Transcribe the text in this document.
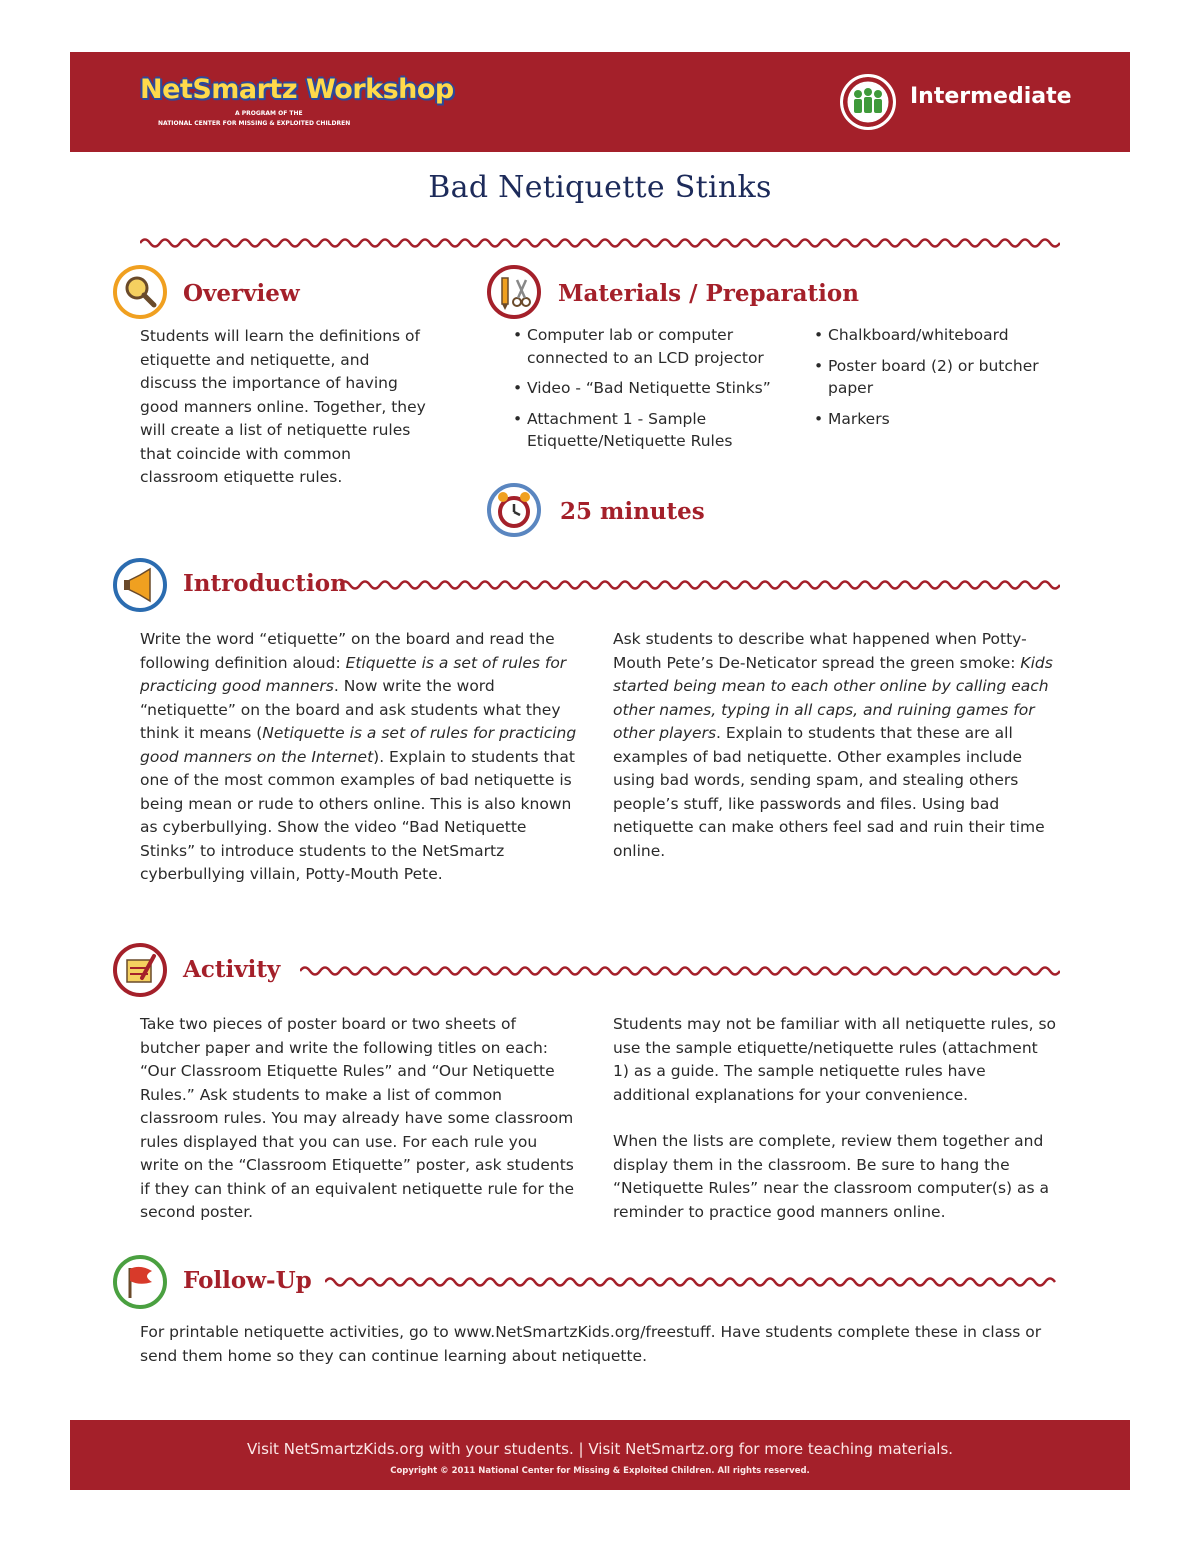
NetSmartz Workshop
A PROGRAM OF THE
NATIONAL CENTER FOR MISSING & EXPLOITED CHILDREN
Intermediate
Bad Netiquette Stinks
Overview
Students will learn the definitions of etiquette and netiquette, and discuss the importance of having good manners online. Together, they will create a list of netiquette rules that coincide with common classroom etiquette rules.
Materials / Preparation
• Computer lab or computer connected to an LCD projector
• Video - “Bad Netiquette Stinks”
• Attachment 1 - Sample Etiquette/Netiquette Rules
• Chalkboard/whiteboard
• Poster board (2) or butcher paper
• Markers
25 minutes
Introduction
Write the word “etiquette” on the board and read the following definition aloud: Etiquette is a set of rules for practicing good manners. Now write the word “netiquette” on the board and ask students what they think it means (Netiquette is a set of rules for practicing good manners on the Internet). Explain to students that one of the most common examples of bad netiquette is being mean or rude to others online. This is also known as cyberbullying. Show the video “Bad Netiquette Stinks” to introduce students to the NetSmartz cyberbullying villain, Potty-Mouth Pete.
Ask students to describe what happened when Potty-Mouth Pete’s De-Neticator spread the green smoke: Kids started being mean to each other online by calling each other names, typing in all caps, and ruining games for other players. Explain to students that these are all examples of bad netiquette. Other examples include using bad words, sending spam, and stealing others people’s stuff, like passwords and files. Using bad netiquette can make others feel sad and ruin their time online.
Activity
Take two pieces of poster board or two sheets of butcher paper and write the following titles on each: “Our Classroom Etiquette Rules” and “Our Netiquette Rules.” Ask students to make a list of common classroom rules. You may already have some classroom rules displayed that you can use. For each rule you write on the “Classroom Etiquette” poster, ask students if they can think of an equivalent netiquette rule for the second poster.
Students may not be familiar with all netiquette rules, so use the sample etiquette/netiquette rules (attachment 1) as a guide. The sample netiquette rules have additional explanations for your convenience.
When the lists are complete, review them together and display them in the classroom. Be sure to hang the “Netiquette Rules” near the classroom computer(s) as a reminder to practice good manners online.
Follow-Up
For printable netiquette activities, go to www.NetSmartzKids.org/freestuff. Have students complete these in class or send them home so they can continue learning about netiquette.
Visit NetSmartzKids.org with your students. | Visit NetSmartz.org for more teaching materials.
Copyright © 2011 National Center for Missing & Exploited Children. All rights reserved.
